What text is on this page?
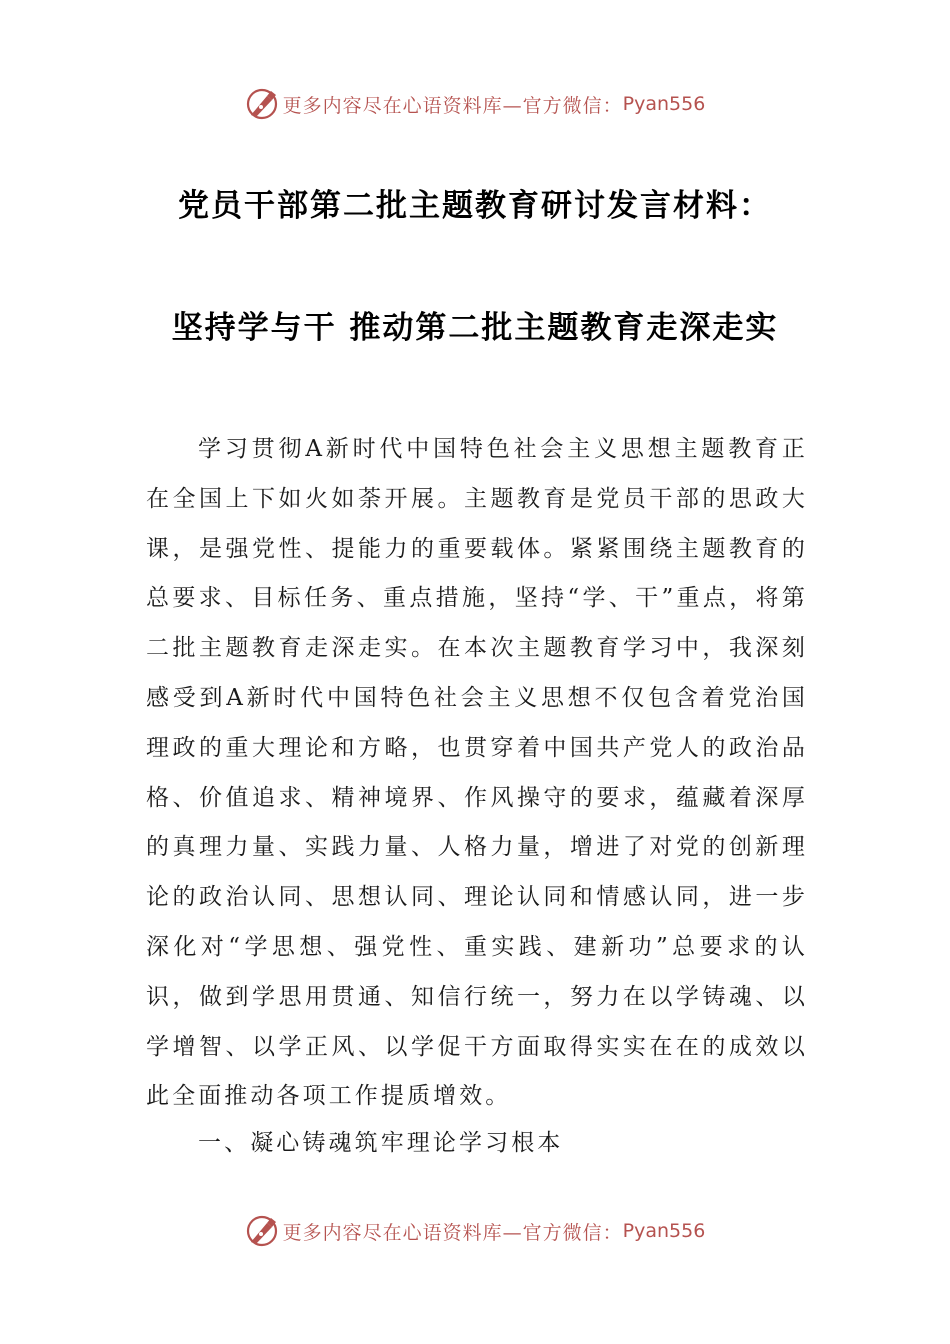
更多内容尽在心语资料库—官方微信： Pyan556
党员干部第二批主题教育研讨发言材料：
坚持学与干 推动第二批主题教育走深走实

学习贯彻A新时代中国特色社会主义思想主题教育正在全国上下如火如荼开展。主题教育是党员干部的思政大课，是强党性、提能力的重要载体。紧紧围绕主题教育的总要求、目标任务、重点措施，坚持“学、干”重点，将第二批主题教育走深走实。在本次主题教育学习中，我深刻感受到A新时代中国特色社会主义思想不仅包含着党治国理政的重大理论和方略，也贯穿着中国共产党人的政治品格、价值追求、精神境界、作风操守的要求，蕴藏着深厚的真理力量、实践力量、人格力量，增进了对党的创新理论的政治认同、思想认同、理论认同和情感认同，进一步深化对“学思想、强党性、重实践、建新功”总要求的认识，做到学思用贯通、知信行统一，努力在以学铸魂、以学增智、以学正风、以学促干方面取得实实在在的成效以此全面推动各项工作提质增效。

一、凝心铸魂筑牢理论学习根本

更多内容尽在心语资料库—官方微信： Pyan556
